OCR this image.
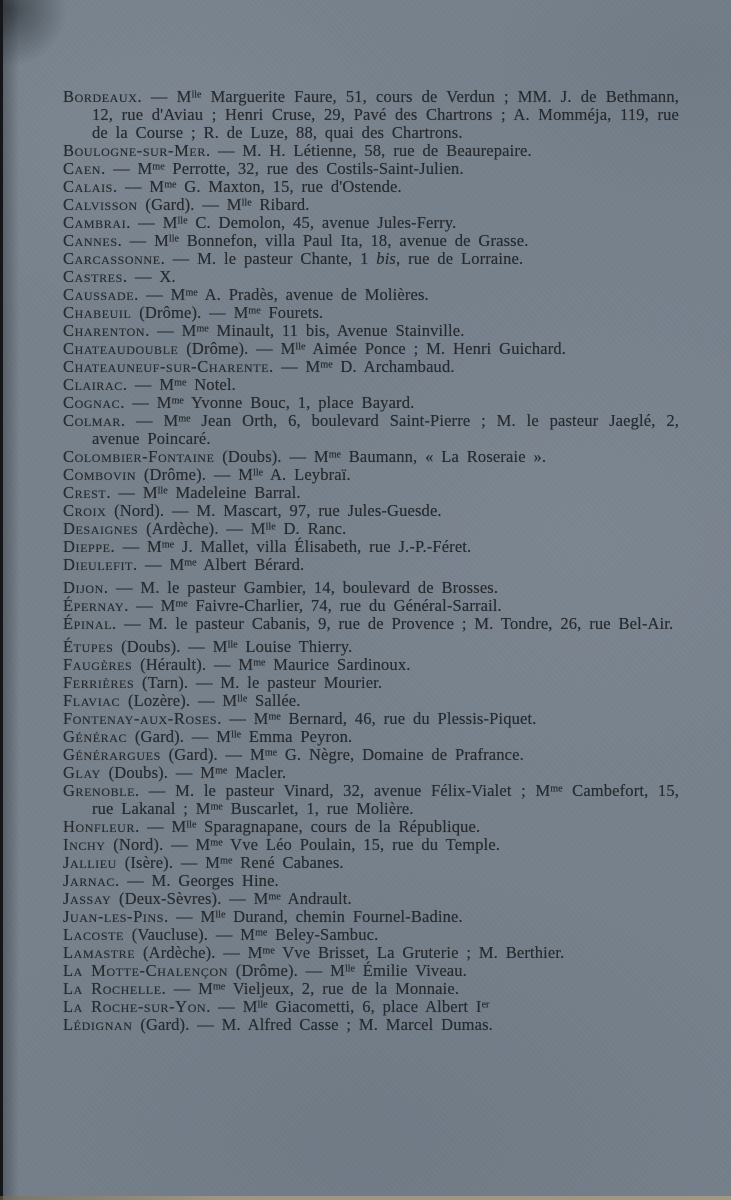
Bordeaux. — $M^{lle}$ Marguerite Faure, 51, cours de Verdun ; MM. J. de Bethmann, 12, rue d'Aviau ; Henri Cruse, 29, Pavé des Chartrons ; A. Momméja, 119, rue de la Course ; R. de Luze, 88, quai des Chartrons.
Boulogne-sur-Mer. — M. H. Létienne, 58, rue de Beaurepaire.
Caen. — $M^{me}$ Perrotte, 32, rue des Costils-Saint-Julien.
Calais. — $M^{me}$ G. Maxton, 15, rue d'Ostende.
Calvisson (Gard). — $M^{lle}$ Ribard.
Cambrai. — $M^{lle}$ C. Demolon, 45, avenue Jules-Ferry.
Cannes. — $M^{lle}$ Bonnefon, villa Paul Ita, 18, avenue de Grasse.
Carcassonne. — M. le pasteur Chante, 1 bis, rue de Lorraine.
Castres. — X.
Caussade. — $M^{me}$ A. Pradès, avenue de Molières.
Chabeuil (Drôme). — $M^{me}$ Fourets.
Charenton. — $M^{me}$ Minault, 11 bis, Avenue Stainville.
Chateaudouble (Drôme). — $M^{lle}$ Aimée Ponce ; M. Henri Guichard.
Chateauneuf-sur-Charente. — $M^{me}$ D. Archambaud.
Clairac. — $M^{me}$ Notel.
Cognac. — $M^{me}$ Yvonne Bouc, 1, place Bayard.
Colmar. — $M^{me}$ Jean Orth, 6, boulevard Saint-Pierre ; M. le pasteur Jaeglé, 2, avenue Poincaré.
Colombier-Fontaine (Doubs). — $M^{me}$ Baumann, « La Roseraie ».
Combovin (Drôme). — $M^{lle}$ A. Leybraï.
Crest. — $M^{lle}$ Madeleine Barral.
Croix (Nord). — M. Mascart, 97, rue Jules-Guesde.
Desaignes (Ardèche). — $M^{lle}$ D. Ranc.
Dieppe. — $M^{me}$ J. Mallet, villa Élisabeth, rue J.-P.-Féret.
Dieulefit. — $M^{me}$ Albert Bérard.
Dijon. — M. le pasteur Gambier, 14, boulevard de Brosses.
Épernay. — $M^{me}$ Faivre-Charlier, 74, rue du Général-Sarrail.
Épinal. — M. le pasteur Cabanis, 9, rue de Provence ; M. Tondre, 26, rue Bel-Air.
Étupes (Doubs). — $M^{lle}$ Louise Thierry.
Faugères (Hérault). — $M^{me}$ Maurice Sardinoux.
Ferrières (Tarn). — M. le pasteur Mourier.
Flaviac (Lozère). — $M^{lle}$ Sallée.
Fontenay-aux-Roses. — $M^{me}$ Bernard, 46, rue du Plessis-Piquet.
Générac (Gard). — $M^{lle}$ Emma Peyron.
Générargues (Gard). — $M^{me}$ G. Nègre, Domaine de Prafrance.
Glay (Doubs). — $M^{me}$ Macler.
Grenoble. — M. le pasteur Vinard, 32, avenue Félix-Vialet ; $M^{me}$ Cambefort, 15, rue Lakanal ; $M^{me}$ Buscarlet, 1, rue Molière.
Honfleur. — $M^{lle}$ Sparagnapane, cours de la République.
Inchy (Nord). — $M^{me}$ Vve Léo Poulain, 15, rue du Temple.
Jallieu (Isère). — $M^{me}$ René Cabanes.
Jarnac. — M. Georges Hine.
Jassay (Deux-Sèvres). — $M^{me}$ Andrault.
Juan-les-Pins. — $M^{lle}$ Durand, chemin Fournel-Badine.
Lacoste (Vaucluse). — $M^{me}$ Beley-Sambuc.
Lamastre (Ardèche). — $M^{me}$ Vve Brisset, La Gruterie ; M. Berthier.
La Motte-Chalençon (Drôme). — $M^{lle}$ Émilie Viveau.
La Rochelle. — $M^{me}$ Vieljeux, 2, rue de la Monnaie.
La Roche-sur-Yon. — $M^{lle}$ Giacometti, 6, place Albert Ier
Lédignan (Gard). — M. Alfred Casse ; M. Marcel Dumas.
